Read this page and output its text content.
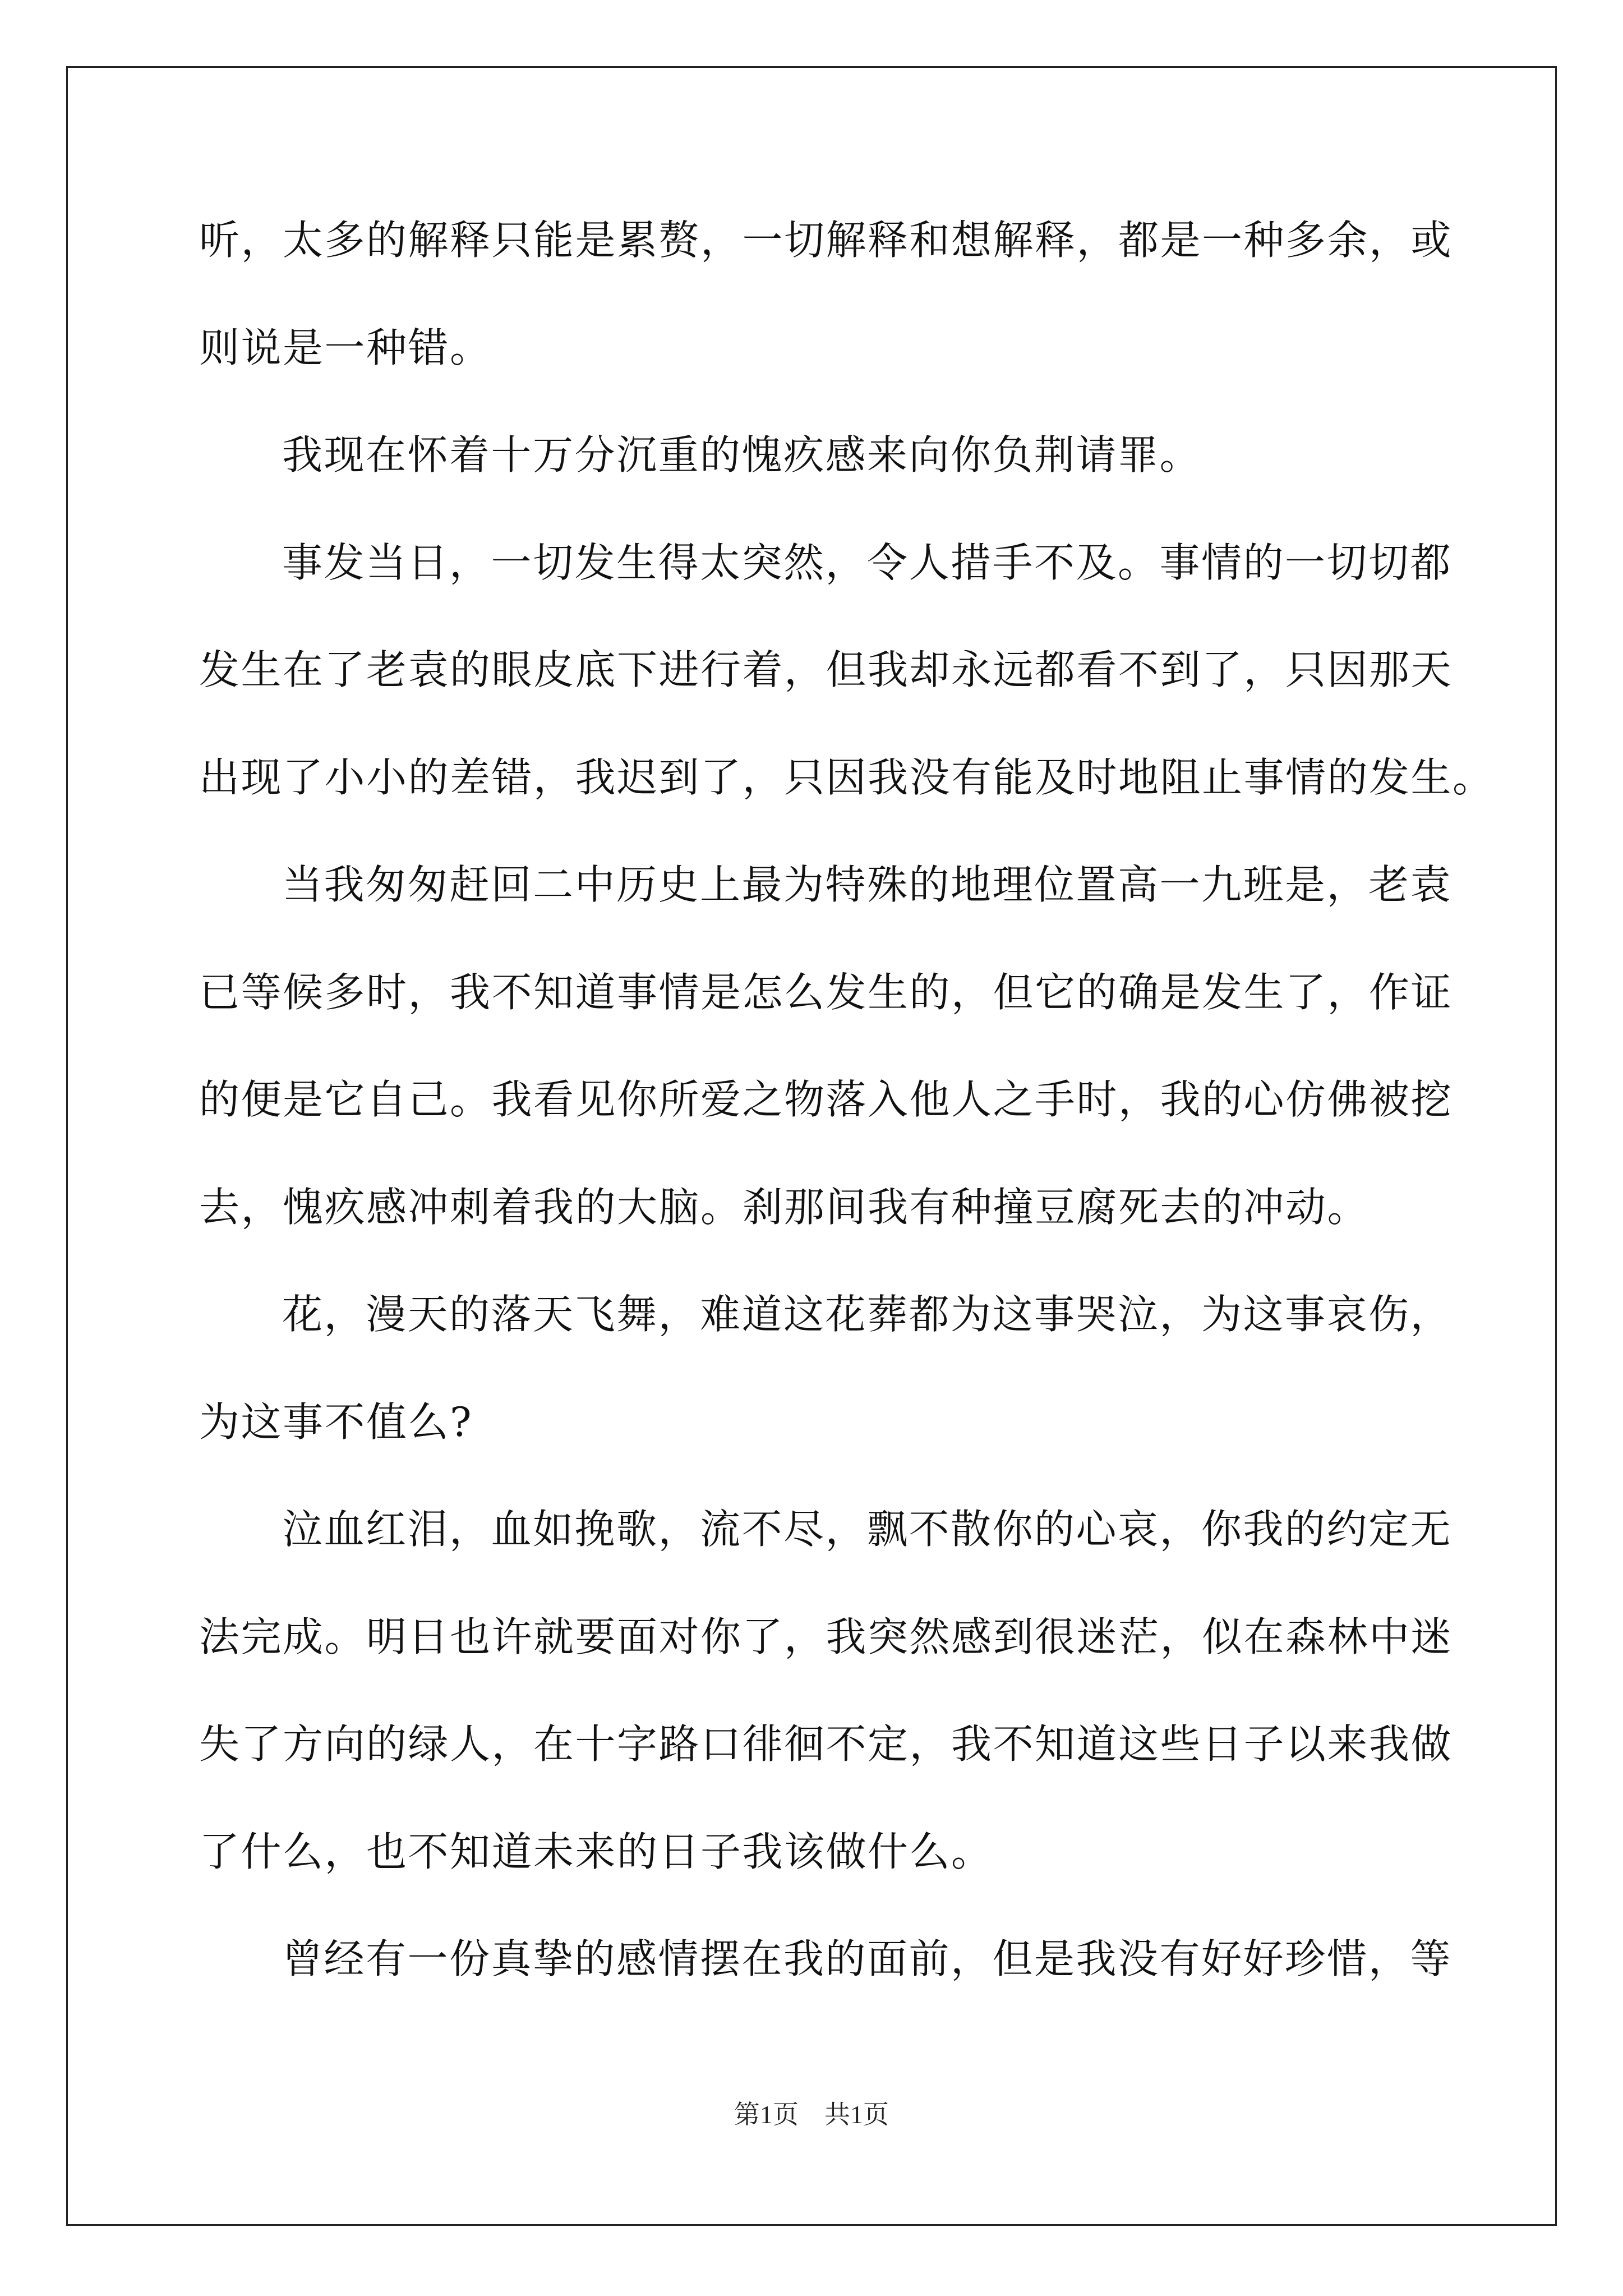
听，太多的解释只能是累赘，一切解释和想解释，都是一种多余，或
则说是一种错。
我现在怀着十万分沉重的愧疚感来向你负荆请罪。
事发当日，一切发生得太突然，令人措手不及。事情的一切切都
发生在了老袁的眼皮底下进行着，但我却永远都看不到了，只因那天
出现了小小的差错，我迟到了，只因我没有能及时地阻止事情的发生。
当我匆匆赶回二中历史上最为特殊的地理位置高一九班是，老袁
已等候多时，我不知道事情是怎么发生的，但它的确是发生了，作证
的便是它自己。我看见你所爱之物落入他人之手时，我的心仿佛被挖
去，愧疚感冲刺着我的大脑。刹那间我有种撞豆腐死去的冲动。
花，漫天的落天飞舞，难道这花葬都为这事哭泣，为这事哀伤，
为这事不值么?
泣血红泪，血如挽歌，流不尽，飘不散你的心哀，你我的约定无
法完成。明日也许就要面对你了，我突然感到很迷茫，似在森林中迷
失了方向的绿人，在十字路口徘徊不定，我不知道这些日子以来我做
了什么，也不知道未来的日子我该做什么。
曾经有一份真挚的感情摆在我的面前，但是我没有好好珍惜，等
第1页　共1页
